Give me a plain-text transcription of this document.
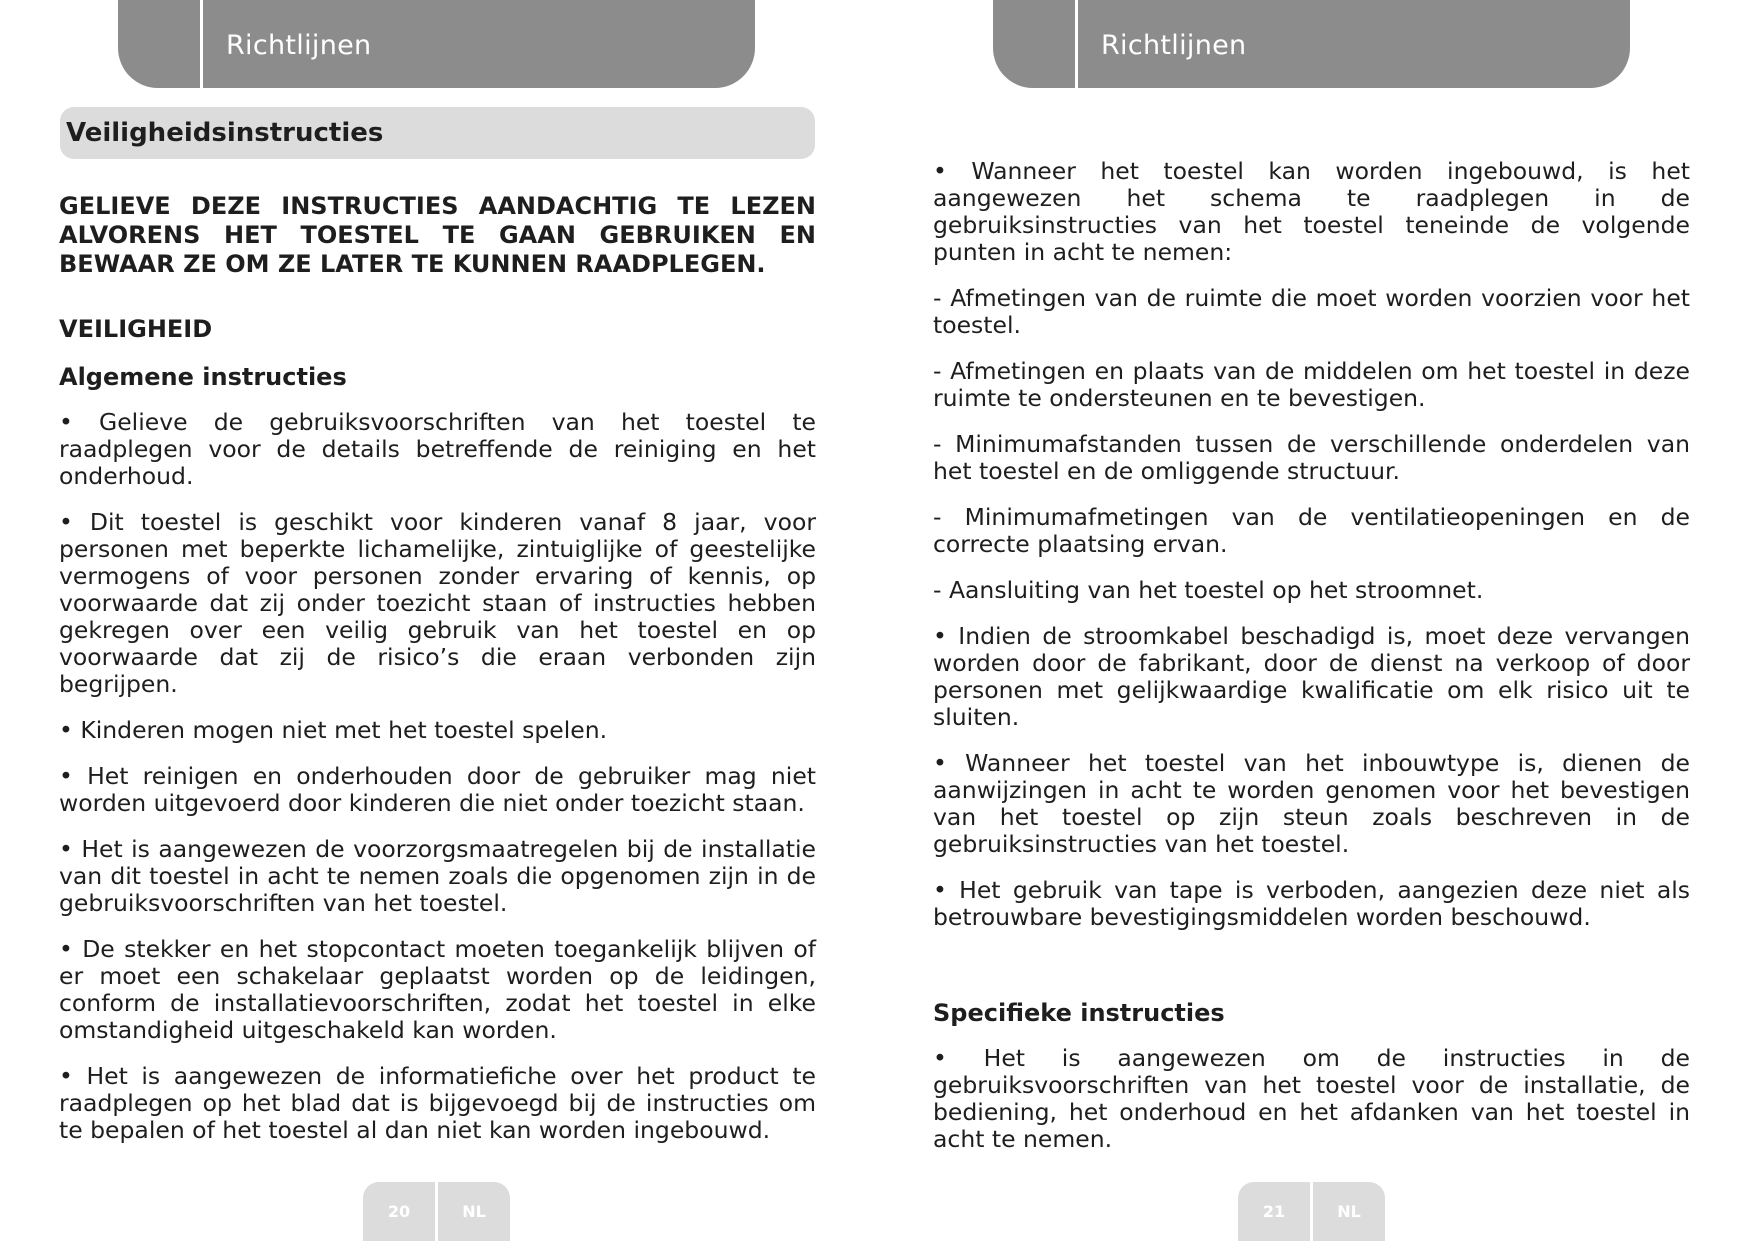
Richtlijnen
Veiligheidsinstructies

GELIEVE DEZE INSTRUCTIES AANDACHTIG TE LEZEN ALVORENS HET TOESTEL TE GAAN GEBRUIKEN EN BEWAAR ZE OM ZE LATER TE KUNNEN RAADPLEGEN.

VEILIGHEID

Algemene instructies

• Gelieve de gebruiksvoorschriften van het toestel te raadplegen voor de details betreffende de reiniging en het onderhoud.

• Dit toestel is geschikt voor kinderen vanaf 8 jaar, voor personen met beperkte lichamelijke, zintuiglijke of geestelijke vermogens of voor personen zonder ervaring of kennis, op voorwaarde dat zij onder toezicht staan of instructies hebben gekregen over een veilig gebruik van het toestel en op voorwaarde dat zij de risico’s die eraan verbonden zijn begrijpen.

• Kinderen mogen niet met het toestel spelen.

• Het reinigen en onderhouden door de gebruiker mag niet worden uitgevoerd door kinderen die niet onder toezicht staan.

• Het is aangewezen de voorzorgsmaatregelen bij de installatie van dit toestel in acht te nemen zoals die opgenomen zijn in de gebruiksvoorschriften van het toestel.

• De stekker en het stopcontact moeten toegankelijk blijven of er moet een schakelaar geplaatst worden op de leidingen, conform de installatievoorschriften, zodat het toestel in elke omstandigheid uitgeschakeld kan worden.

• Het is aangewezen de informatiefiche over het product te raadplegen op het blad dat is bijgevoegd bij de instructies om te bepalen of het toestel al dan niet kan worden ingebouwd.

20	NL
Richtlijnen

• Wanneer het toestel kan worden ingebouwd, is het aangewezen het schema te raadplegen in de gebruiksinstructies van het toestel teneinde de volgende punten in acht te nemen:

- Afmetingen van de ruimte die moet worden voorzien voor het toestel.

- Afmetingen en plaats van de middelen om het toestel in deze ruimte te ondersteunen en te bevestigen.

- Minimumafstanden tussen de verschillende onderdelen van het toestel en de omliggende structuur.

- Minimumafmetingen van de ventilatieopeningen en de correcte plaatsing ervan.

- Aansluiting van het toestel op het stroomnet.

• Indien de stroomkabel beschadigd is, moet deze vervangen worden door de fabrikant, door de dienst na verkoop of door personen met gelijkwaardige kwalificatie om elk risico uit te sluiten.

• Wanneer het toestel van het inbouwtype is, dienen de aanwijzingen in acht te worden genomen voor het bevestigen van het toestel op zijn steun zoals beschreven in de gebruiksinstructies van het toestel.

• Het gebruik van tape is verboden, aangezien deze niet als betrouwbare bevestigingsmiddelen worden beschouwd.

Specifieke instructies

• Het is aangewezen om de instructies in de gebruiksvoorschriften van het toestel voor de installatie, de bediening, het onderhoud en het afdanken van het toestel in acht te nemen.

21	NL
